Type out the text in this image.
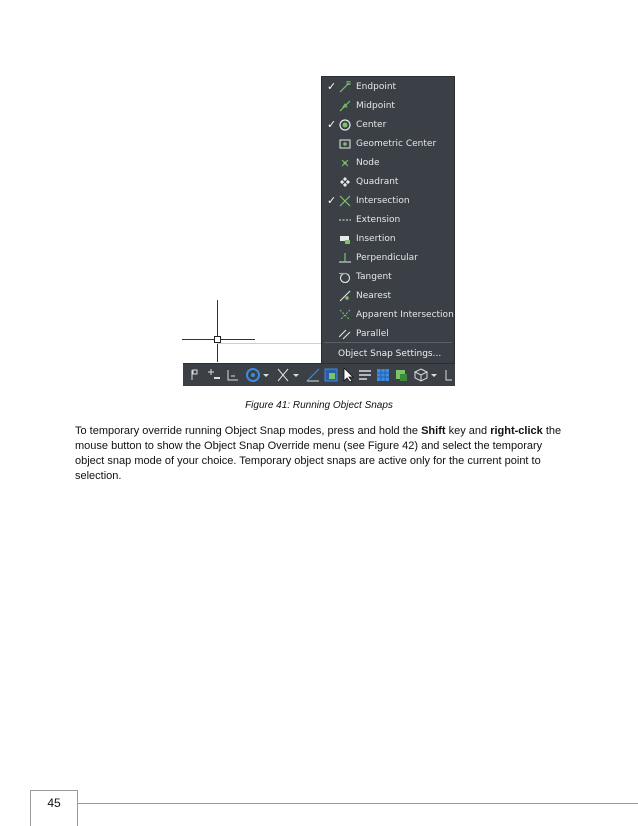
✓ Endpoint
Midpoint
✓ Center
Geometric Center
Node
Quadrant
✓ Intersection
Extension
Insertion
Perpendicular
Tangent
Nearest
Apparent Intersection
Parallel
Object Snap Settings...
Figure 41: Running Object Snaps
To temporary override running Object Snap modes, press and hold the Shift key and right-click the mouse button to show the Object Snap Override menu (see Figure 42) and select the temporary object snap mode of your choice. Temporary object snaps are active only for the current point to selection.
45
